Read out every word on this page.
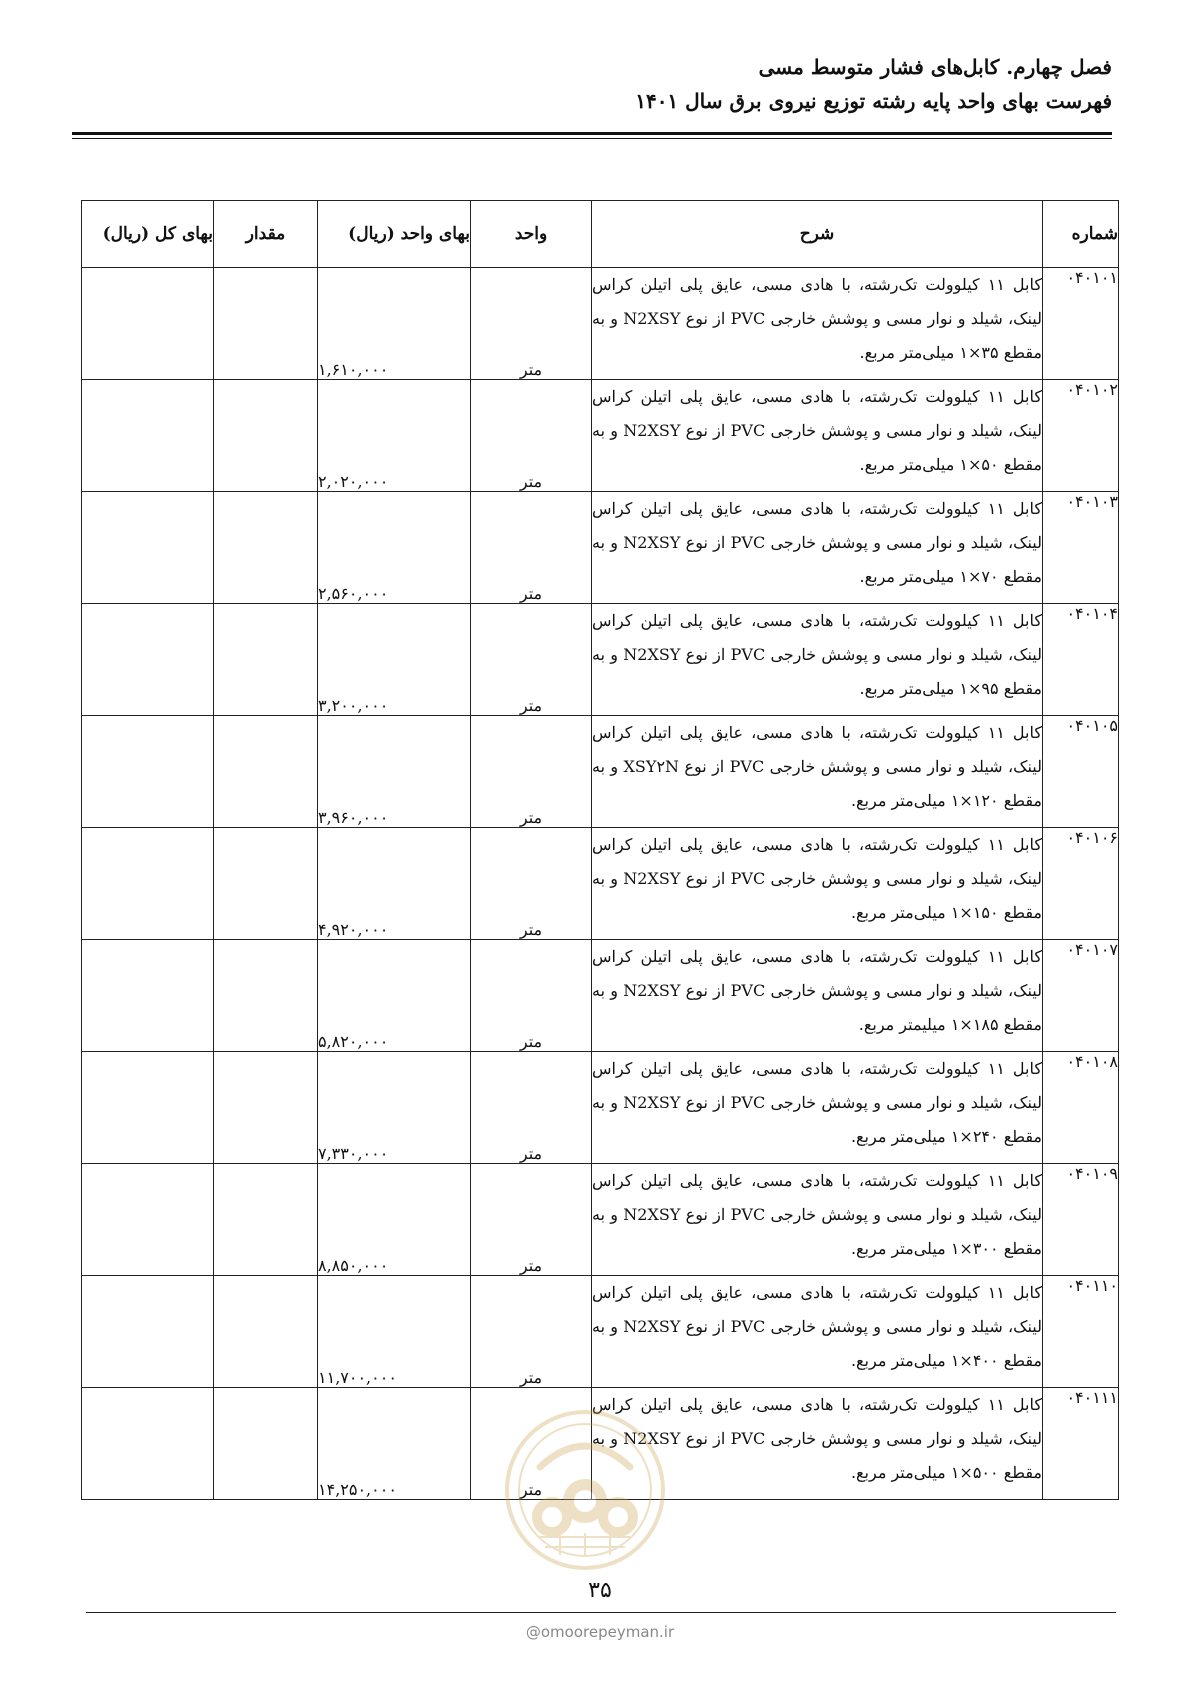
فصل چهارم. کابل‌های فشار متوسط مسی
فهرست بهای واحد پایه رشته توزیع نیروی برق سال ۱۴۰۱
شماره	شرح	واحد	بهای واحد (ریال)	مقدار	بهای کل (ریال)
۰۴۰۱۰۱	کابل ۱۱ کیلوولت تک‌رشته، با هادی مسی، عایق پلی اتیلن کراس لینک، شیلد و نوار مسی و پوشش خارجی PVC از نوع N2XSY و به مقطع ۳۵×۱ میلی‌متر مربع.	متر	۱,۶۱۰,۰۰۰		
۰۴۰۱۰۲	کابل ۱۱ کیلوولت تک‌رشته، با هادی مسی، عایق پلی اتیلن کراس لینک، شیلد و نوار مسی و پوشش خارجی PVC از نوع N2XSY و به مقطع ۵۰×۱ میلی‌متر مربع.	متر	۲,۰۲۰,۰۰۰		
۰۴۰۱۰۳	کابل ۱۱ کیلوولت تک‌رشته، با هادی مسی، عایق پلی اتیلن کراس لینک، شیلد و نوار مسی و پوشش خارجی PVC از نوع N2XSY و به مقطع ۷۰×۱ میلی‌متر مربع.	متر	۲,۵۶۰,۰۰۰		
۰۴۰۱۰۴	کابل ۱۱ کیلوولت تک‌رشته، با هادی مسی، عایق پلی اتیلن کراس لینک، شیلد و نوار مسی و پوشش خارجی PVC از نوع N2XSY و به مقطع ۹۵×۱ میلی‌متر مربع.	متر	۳,۲۰۰,۰۰۰		
۰۴۰۱۰۵	کابل ۱۱ کیلوولت تک‌رشته، با هادی مسی، عایق پلی اتیلن کراس لینک، شیلد و نوار مسی و پوشش خارجی PVC از نوع XSY۲N و به مقطع ۱۲۰×۱ میلی‌متر مربع.	متر	۳,۹۶۰,۰۰۰		
۰۴۰۱۰۶	کابل ۱۱ کیلوولت تک‌رشته، با هادی مسی، عایق پلی اتیلن کراس لینک، شیلد و نوار مسی و پوشش خارجی PVC از نوع N2XSY و به مقطع ۱۵۰×۱ میلی‌متر مربع.	متر	۴,۹۲۰,۰۰۰		
۰۴۰۱۰۷	کابل ۱۱ کیلوولت تک‌رشته، با هادی مسی، عایق پلی اتیلن کراس لینک، شیلد و نوار مسی و پوشش خارجی PVC از نوع N2XSY و به مقطع ۱۸۵×۱ میلیمتر مربع.	متر	۵,۸۲۰,۰۰۰		
۰۴۰۱۰۸	کابل ۱۱ کیلوولت تک‌رشته، با هادی مسی، عایق پلی اتیلن کراس لینک، شیلد و نوار مسی و پوشش خارجی PVC از نوع N2XSY و به مقطع ۲۴۰×۱ میلی‌متر مربع.	متر	۷,۳۳۰,۰۰۰		
۰۴۰۱۰۹	کابل ۱۱ کیلوولت تک‌رشته، با هادی مسی، عایق پلی اتیلن کراس لینک، شیلد و نوار مسی و پوشش خارجی PVC از نوع N2XSY و به مقطع ۳۰۰×۱ میلی‌متر مربع.	متر	۸,۸۵۰,۰۰۰		
۰۴۰۱۱۰	کابل ۱۱ کیلوولت تک‌رشته، با هادی مسی، عایق پلی اتیلن کراس لینک، شیلد و نوار مسی و پوشش خارجی PVC از نوع N2XSY و به مقطع ۴۰۰×۱ میلی‌متر مربع.	متر	۱۱,۷۰۰,۰۰۰		
۰۴۰۱۱۱	کابل ۱۱ کیلوولت تک‌رشته، با هادی مسی، عایق پلی اتیلن کراس لینک، شیلد و نوار مسی و پوشش خارجی PVC از نوع N2XSY و به مقطع ۵۰۰×۱ میلی‌متر مربع.	متر	۱۴,۲۵۰,۰۰۰		
۳۵
@omoorepeyman.ir
